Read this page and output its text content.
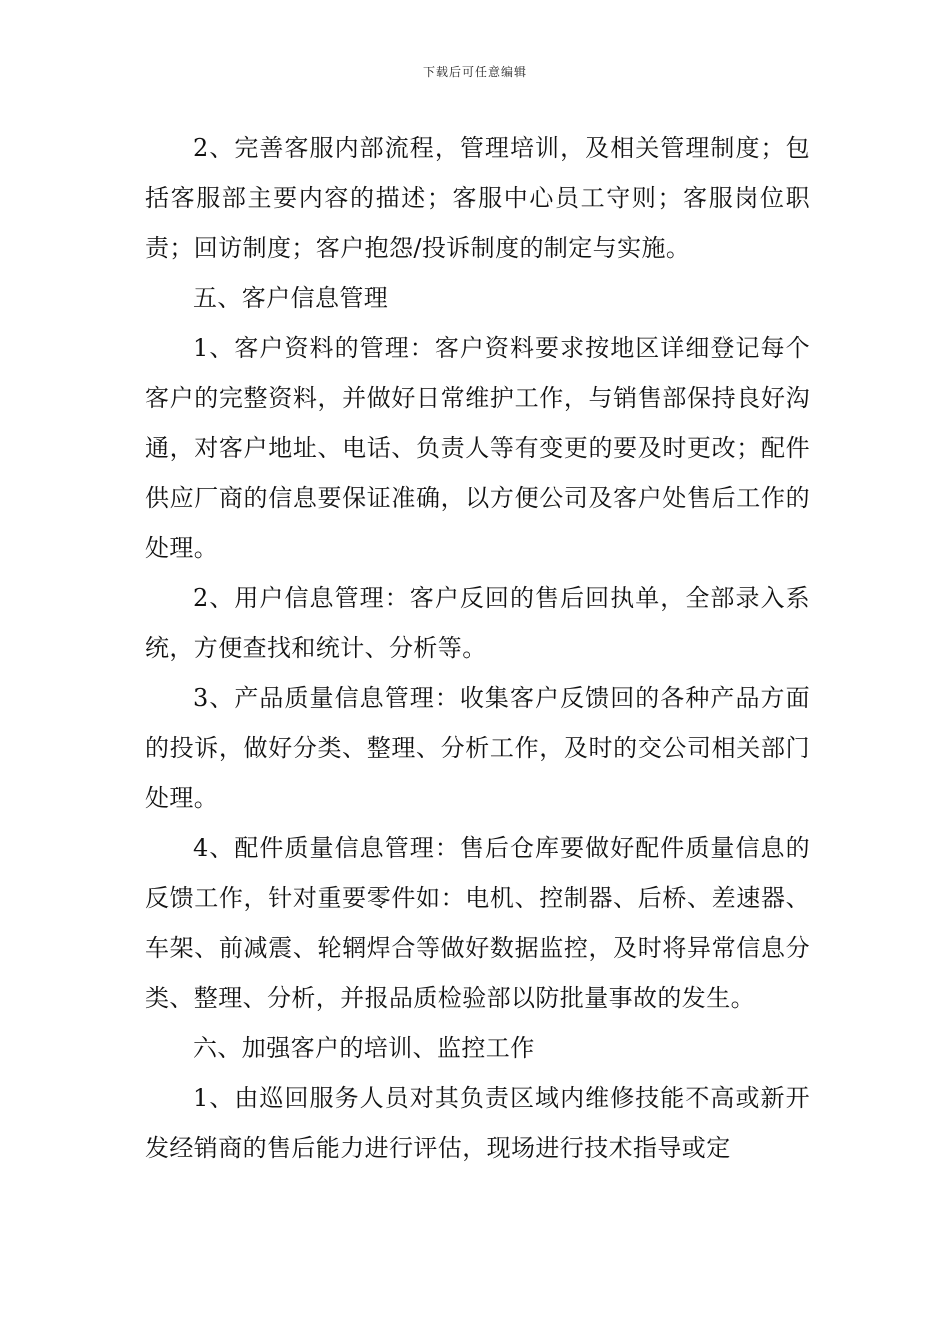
下载后可任意编辑

2、完善客服内部流程，管理培训，及相关管理制度；包括客服部主要内容的描述；客服中心员工守则；客服岗位职责；回访制度；客户抱怨/投诉制度的制定与实施。

五、客户信息管理

1、客户资料的管理：客户资料要求按地区详细登记每个客户的完整资料，并做好日常维护工作，与销售部保持良好沟通，对客户地址、电话、负责人等有变更的要及时更改；配件供应厂商的信息要保证准确，以方便公司及客户处售后工作的处理。

2、用户信息管理：客户反回的售后回执单，全部录入系统，方便查找和统计、分析等。

3、产品质量信息管理：收集客户反馈回的各种产品方面的投诉，做好分类、整理、分析工作，及时的交公司相关部门处理。

4、配件质量信息管理：售后仓库要做好配件质量信息的反馈工作，针对重要零件如：电机、控制器、后桥、差速器、车架、前减震、轮辋焊合等做好数据监控，及时将异常信息分类、整理、分析，并报品质检验部以防批量事故的发生。

六、加强客户的培训、监控工作

1、由巡回服务人员对其负责区域内维修技能不高或新开发经销商的售后能力进行评估，现场进行技术指导或定
